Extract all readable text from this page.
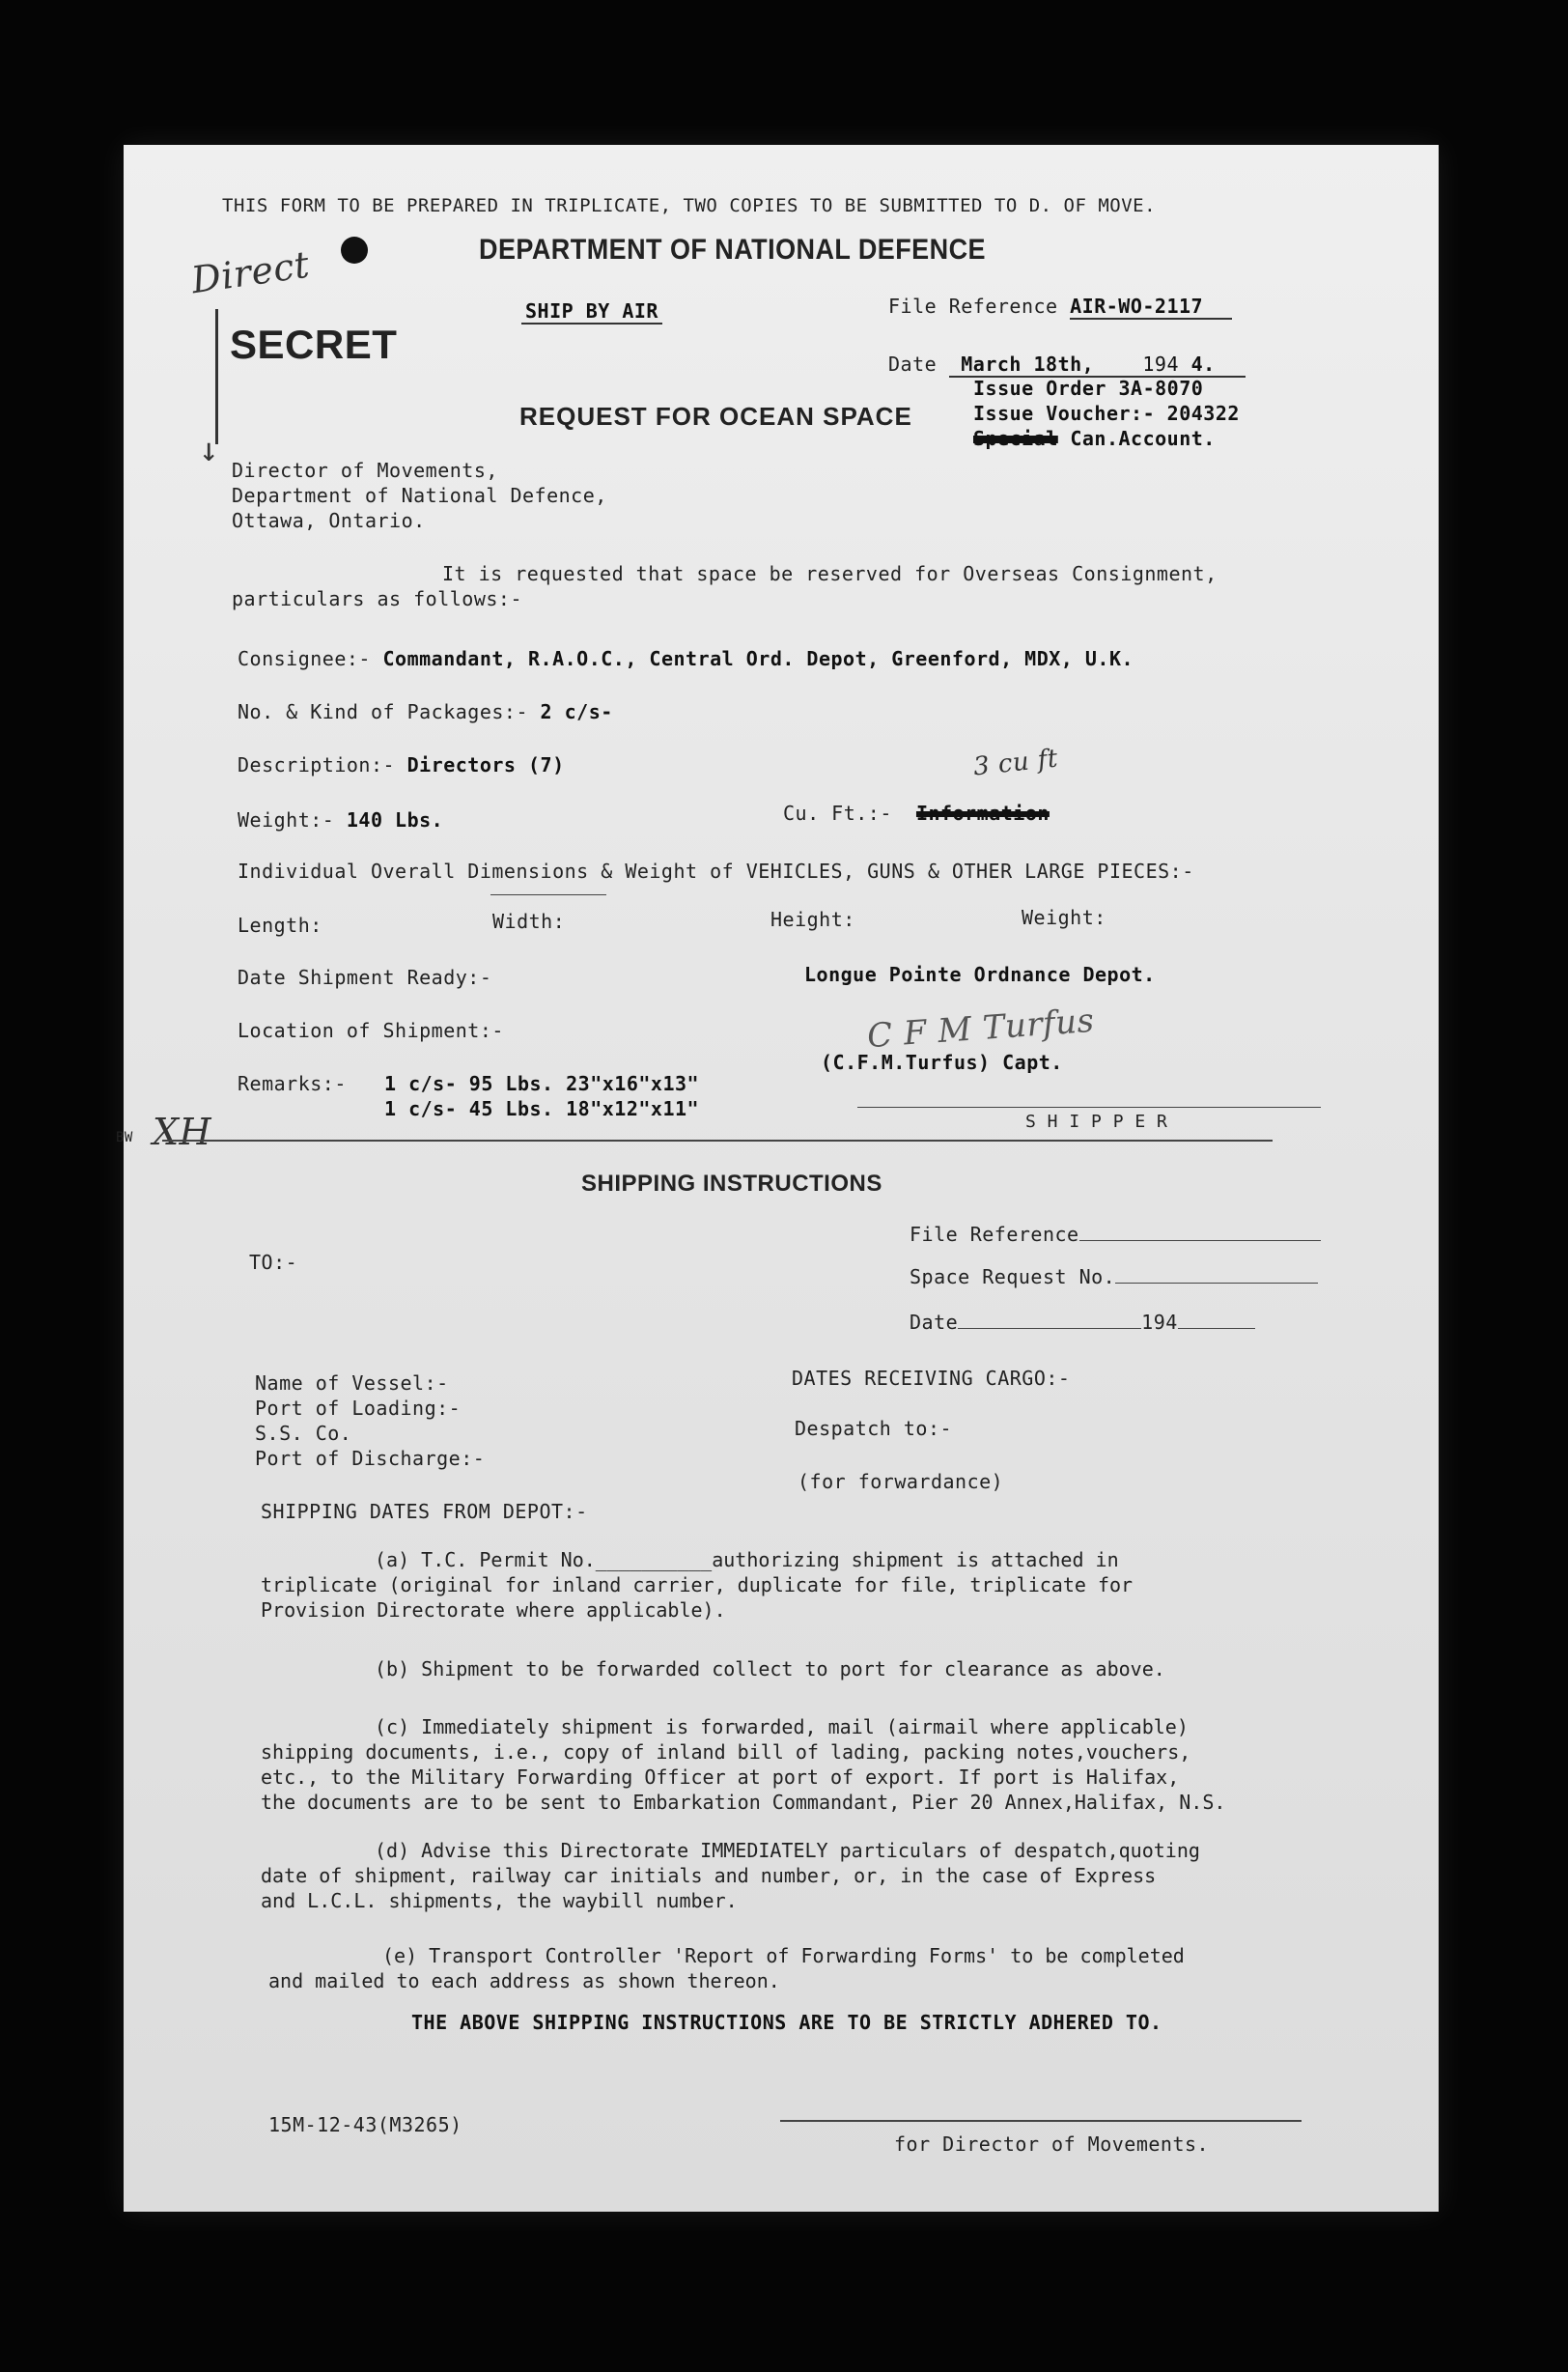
THIS FORM TO BE PREPARED IN TRIPLICATE, TWO COPIES TO BE SUBMITTED TO D. OF MOVE.
Direct
↓
DEPARTMENT OF NATIONAL DEFENCE
SECRET
SHIP BY AIR	File Reference AIR-WO-2117
Date March 18th,	194 4.
Issue Order 3A-8070
Issue Voucher:- 204322
Special Can.Account.
REQUEST FOR OCEAN SPACE
Director of Movements,
Department of National Defence,
Ottawa, Ontario.
It is requested that space be reserved for Overseas Consignment,
particulars as follows:-
Consignee:- Commandant, R.A.O.C., Central Ord. Depot, Greenford, MDX, U.K.
No. & Kind of Packages:- 2 c/s-
Description:- Directors (7)	3 cu ft
Weight:- 140 Lbs.	Cu. Ft.:- Information
Individual Overall Dimensions & Weight of VEHICLES, GUNS & OTHER LARGE PIECES:-
Length:	Width:	Height:	Weight:
Date Shipment Ready:-	Longue Pointe Ordnance Depot.
Location of Shipment:-	C F M Turfus
(C.F.M.Turfus) Capt.
Remarks:- 1 c/s- 95 Lbs. 23"x16"x13"
1 c/s- 45 Lbs. 18"x12"x11"
BW XH	S H I P P E R
SHIPPING INSTRUCTIONS
TO:-
File Reference
Space Request No.
Date	194
Name of Vessel:-
Port of Loading:-
S.S. Co.
Port of Discharge:-
DATES RECEIVING CARGO:-
Despatch to:-
(for forwardance)
SHIPPING DATES FROM DEPOT:-
(a) T.C. Permit No.__________authorizing shipment is attached in
triplicate (original for inland carrier, duplicate for file, triplicate for
Provision Directorate where applicable).
(b) Shipment to be forwarded collect to port for clearance as above.
(c) Immediately shipment is forwarded, mail (airmail where applicable)
shipping documents, i.e., copy of inland bill of lading, packing notes,vouchers,
etc., to the Military Forwarding Officer at port of export. If port is Halifax,
the documents are to be sent to Embarkation Commandant, Pier 20 Annex,Halifax, N.S.
(d) Advise this Directorate IMMEDIATELY particulars of despatch,quoting
date of shipment, railway car initials and number, or, in the case of Express
and L.C.L. shipments, the waybill number.
(e) Transport Controller 'Report of Forwarding Forms' to be completed
and mailed to each address as shown thereon.
THE ABOVE SHIPPING INSTRUCTIONS ARE TO BE STRICTLY ADHERED TO.
15M-12-43(M3265)
for Director of Movements.
